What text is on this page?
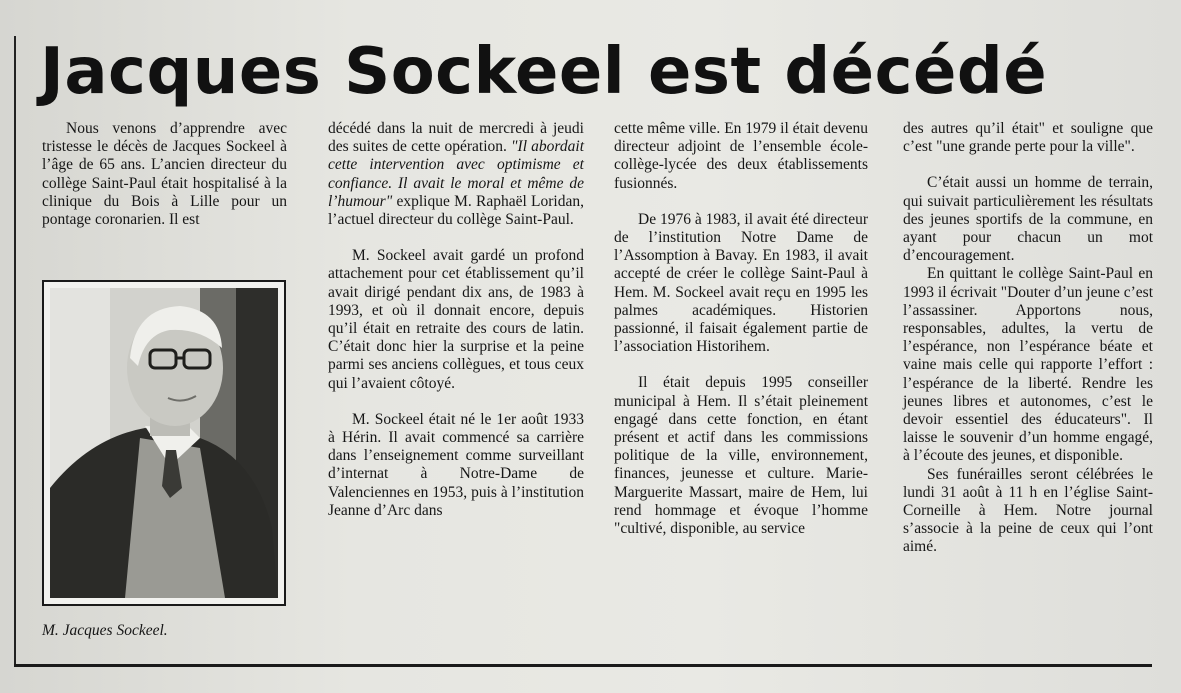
Jacques Sockeel est décédé

Nous venons d’apprendre avec tristesse le décès de Jacques Sockeel à l’âge de 65 ans. L’ancien directeur du collège Saint-Paul était hospitalisé à la clinique du Bois à Lille pour un pontage coronarien. Il est

M. Jacques Sockeel.

décédé dans la nuit de mercredi à jeudi des suites de cette opération. "Il abordait cette intervention avec optimisme et confiance. Il avait le moral et même de l’humour" explique M. Raphaël Loridan, l’actuel directeur du collège Saint-Paul.

M. Sockeel avait gardé un profond attachement pour cet établissement qu’il avait dirigé pendant dix ans, de 1983 à 1993, et où il donnait encore, depuis qu’il était en retraite des cours de latin. C’était donc hier la surprise et la peine parmi ses anciens collègues, et tous ceux qui l’avaient côtoyé.

M. Sockeel était né le 1er août 1933 à Hérin. Il avait commencé sa carrière dans l’enseignement comme surveillant d’internat à Notre-Dame de Valenciennes en 1953, puis à l’institution Jeanne d’Arc dans

cette même ville. En 1979 il était devenu directeur adjoint de l’ensemble école-collège-lycée des deux établissements fusionnés.

De 1976 à 1983, il avait été directeur de l’institution Notre Dame de l’Assomption à Bavay. En 1983, il avait accepté de créer le collège Saint-Paul à Hem. M. Sockeel avait reçu en 1995 les palmes académiques. Historien passionné, il faisait également partie de l’association Historihem.

Il était depuis 1995 conseiller municipal à Hem. Il s’était pleinement engagé dans cette fonction, en étant présent et actif dans les commissions politique de la ville, environnement, finances, jeunesse et culture. Marie-Marguerite Massart, maire de Hem, lui rend hommage et évoque l’homme "cultivé, disponible, au service

des autres qu’il était" et souligne que c’est "une grande perte pour la ville".

C’était aussi un homme de terrain, qui suivait particulièrement les résultats des jeunes sportifs de la commune, en ayant pour chacun un mot d’encouragement.

En quittant le collège Saint-Paul en 1993 il écrivait "Douter d’un jeune c’est l’assassiner. Apportons nous, responsables, adultes, la vertu de l’espérance, non l’espérance béate et vaine mais celle qui rapporte l’effort : l’espérance de la liberté. Rendre les jeunes libres et autonomes, c’est le devoir essentiel des éducateurs". Il laisse le souvenir d’un homme engagé, à l’écoute des jeunes, et disponible.

Ses funérailles seront célébrées le lundi 31 août à 11 h en l’église Saint-Corneille à Hem. Notre journal s’associe à la peine de ceux qui l’ont aimé.
